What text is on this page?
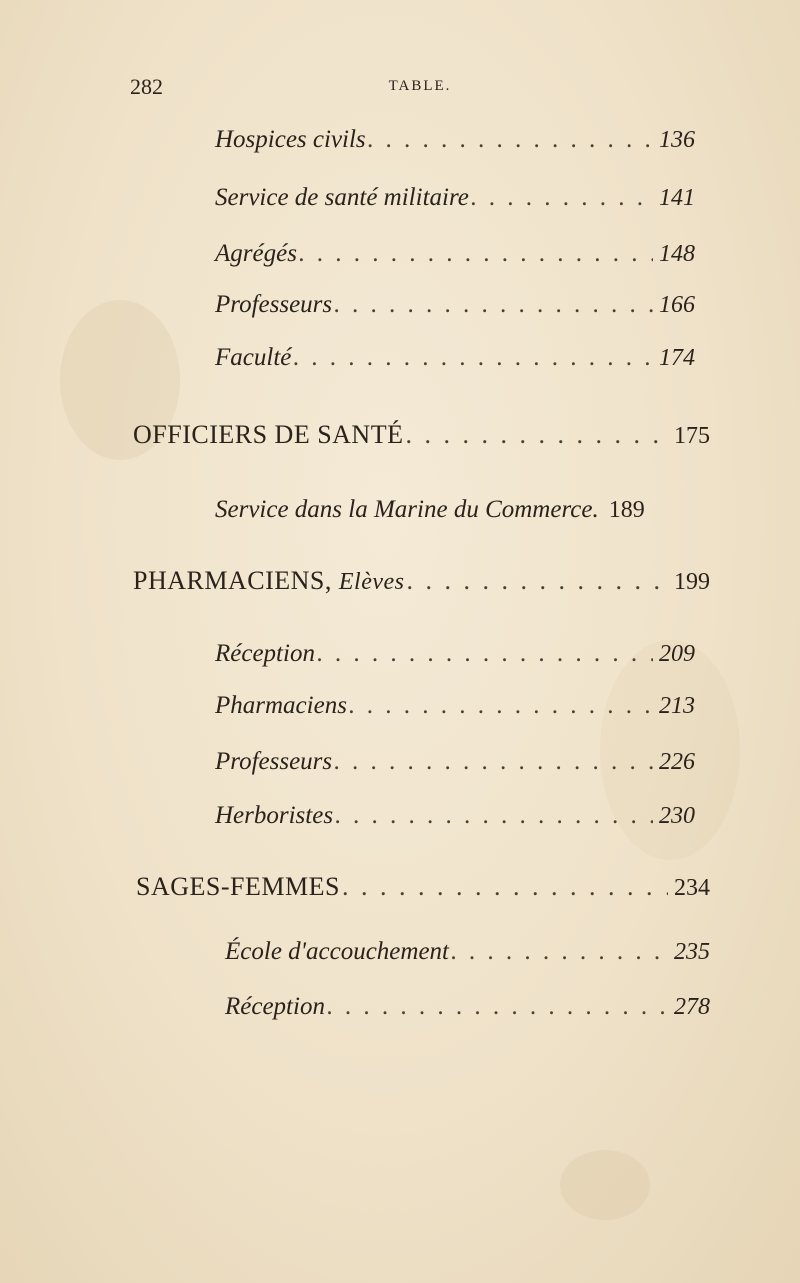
282	TABLE.
Hospices civils . . .	136
Service de santé militaire . . .	141
Agrégés . . .	148
Professeurs . . .	166
Faculté . . .	174
OFFICIERS DE SANTÉ . . .	175
Service dans la Marine du Commerce. 189
PHARMACIENS, Elèves . . .	199
Réception . . .	209
Pharmaciens . . .	213
Professeurs . . .	226
Herboristes . . .	230
SAGES-FEMMES . . .	234
École d'accouchement . . .	235
Réception . . .	278
